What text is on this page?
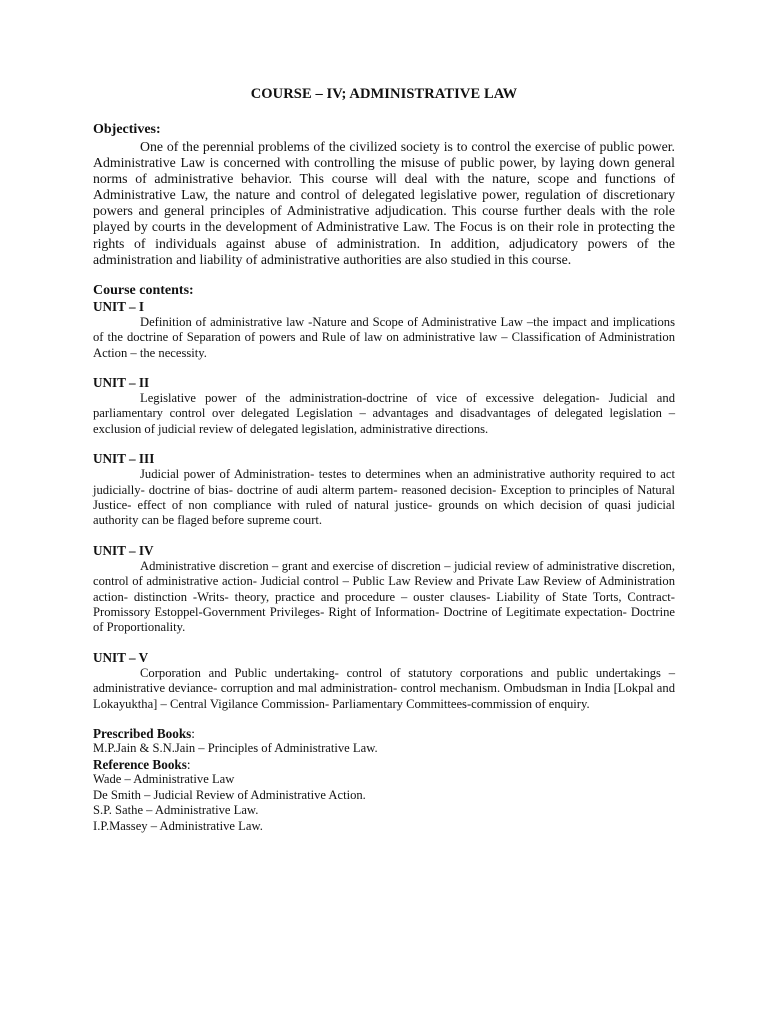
COURSE – IV; ADMINISTRATIVE LAW

Objectives:

One of the perennial problems of the civilized society is to control the exercise of public power. Administrative Law is concerned with controlling the misuse of public power, by laying down general norms of administrative behavior. This course will deal with the nature, scope and functions of Administrative Law, the nature and control of delegated legislative power, regulation of discretionary powers and general principles of Administrative adjudication. This course further deals with the role played by courts in the development of Administrative Law. The Focus is on their role in protecting the rights of individuals against abuse of administration. In addition, adjudicatory powers of the administration and liability of administrative authorities are also studied in this course.

Course contents:

UNIT – I

Definition of administrative law -Nature and Scope of Administrative Law –the impact and implications of the doctrine of Separation of powers and Rule of law on administrative law – Classification of Administration Action – the necessity.

UNIT – II

Legislative power of the administration-doctrine of vice of excessive delegation- Judicial and parliamentary control over delegated Legislation – advantages and disadvantages of delegated legislation – exclusion of judicial review of delegated legislation, administrative directions.

UNIT – III

Judicial power of Administration- testes to determines when an administrative authority required to act judicially- doctrine of bias- doctrine of audi alterm partem- reasoned decision- Exception to principles of Natural Justice- effect of non compliance with ruled of natural justice- grounds on which decision of quasi judicial authority can be flaged before supreme court.

UNIT – IV

Administrative discretion – grant and exercise of discretion – judicial review of administrative discretion, control of administrative action- Judicial control – Public Law Review and Private Law Review of Administration action- distinction -Writs- theory, practice and procedure – ouster clauses- Liability of State Torts, Contract- Promissory Estoppel-Government Privileges- Right of Information- Doctrine of Legitimate expectation- Doctrine of Proportionality.

UNIT – V

Corporation and Public undertaking- control of statutory corporations and public undertakings – administrative deviance- corruption and mal administration- control mechanism. Ombudsman in India [Lokpal and Lokayuktha] – Central Vigilance Commission- Parliamentary Committees-commission of enquiry.

Prescribed Books:

M.P.Jain & S.N.Jain – Principles of Administrative Law.

Reference Books:

Wade – Administrative Law

De Smith – Judicial Review of Administrative Action.

S.P. Sathe – Administrative Law.

I.P.Massey – Administrative Law.
